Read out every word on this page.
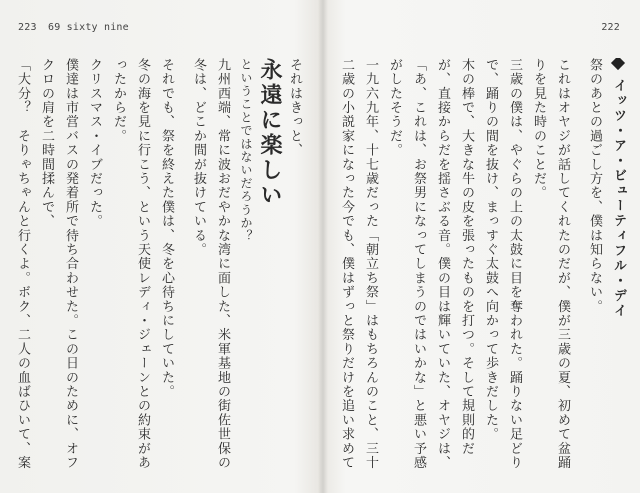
223 69 sixty nine
それはきっと、
永遠に楽しい
ということではないだろうか？
九州西端、常に波おだやかな湾に面した、米軍基地の街佐世保の冬は、どこか間が抜けている。
それでも、祭を終えた僕は、冬を心待ちにしていた。
冬の海を見に行こう、という天使レディ・ジェーンとの約束があったからだ。
クリスマス・イブだった。
僕達は市営バスの発着所で待ち合わせた。この日のために、オフクロの肩を二時間揉んで、
「大分？　そりゃちゃんと行くよ。ボク、二人の血ばひいて、案
222
イッツ・ア・ビューティフル・デイ
祭のあとの過ごし方を、僕は知らない。
これはオヤジが話してくれたのだが、僕が三歳の夏、初めて盆踊りを見た時のことだ。
三歳の僕は、やぐらの上の太鼓に目を奪われた。踊りない足どりで、踊りの間を抜け、まっすぐ太鼓へ向かって歩きだした。
木の棒で、大きな牛の皮を張ったものを打つ。そして規則的だが、直接からだを揺さぶる音。僕の目は輝いていた、オヤジは、「あ、これは、お祭男になってしまうのではいかな」と悪い予感がしたそうだ。
一九六九年、十七歳だった「朝立ち祭」はもちろんのこと、三十二歳の小説家になった今でも、僕はずっと祭りだけを追い求めて
